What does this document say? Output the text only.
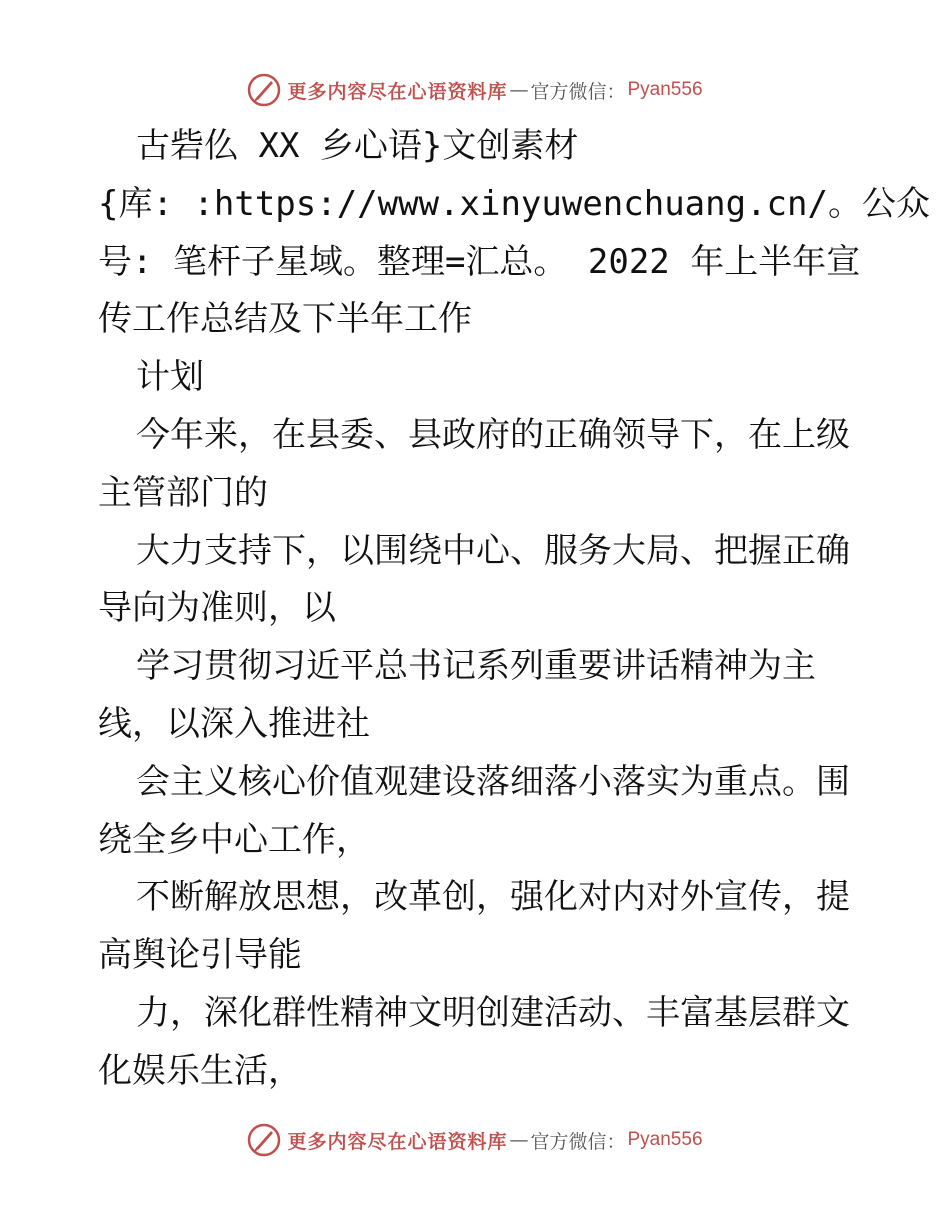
更多内容尽在心语资料库 — 官方微信： Pyan556

古砦仫 XX 乡心语}文创素材

{库: :https://www.xinyuwenchuang.cn/。公众

号: 笔杆子星域。整理=汇总。 2022 年上半年宣

传工作总结及下半年工作

计划

今年来，在县委、县政府的正确领导下，在上级

主管部门的

大力支持下，以围绕中心、服务大局、把握正确

导向为准则，以

学习贯彻习近平总书记系列重要讲话精神为主

线，以深入推进社

会主义核心价值观建设落细落小落实为重点。围

绕全乡中心工作，

不断解放思想，改革创，强化对内对外宣传，提

高舆论引导能

力，深化群性精神文明创建活动、丰富基层群文

化娱乐生活，

更多内容尽在心语资料库 — 官方微信： Pyan556
